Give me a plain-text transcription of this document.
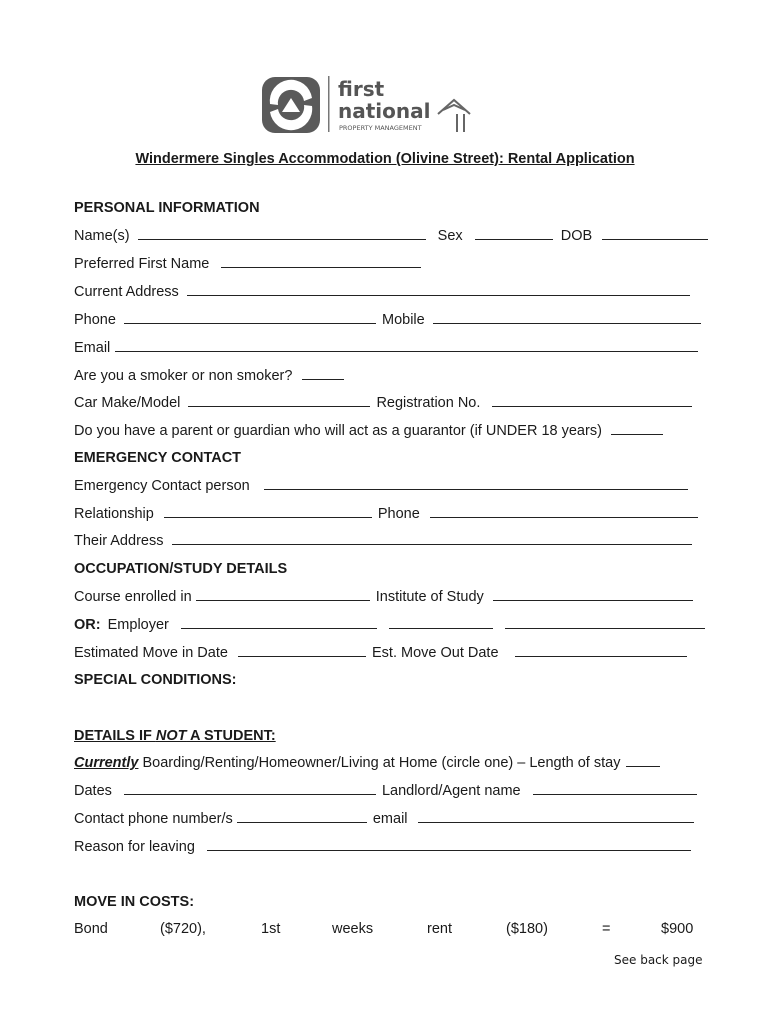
first
national
PROPERTY MANAGEMENT
Windermere Singles Accommodation (Olivine Street): Rental Application
PERSONAL INFORMATION
Name(s)	Sex	DOB
Preferred First Name
Current Address
Phone	Mobile
Email
Are you a smoker or non smoker?
Car Make/Model	Registration No.
Do you have a parent or guardian who will act as a guarantor (if UNDER 18 years)
EMERGENCY CONTACT
Emergency Contact person
Relationship	Phone
Their Address
OCCUPATION/STUDY DETAILS
Course enrolled in	Institute of Study
OR: Employer
Estimated Move in Date	Est. Move Out Date
SPECIAL CONDITIONS:
DETAILS IF NOT A STUDENT:
Currently Boarding/Renting/Homeowner/Living at Home (circle one) – Length of stay
Dates	Landlord/Agent name
Contact phone number/s	email
Reason for leaving
MOVE IN COSTS:
Bond	($720),	1st	weeks	rent	($180)	=	$900
See back page
